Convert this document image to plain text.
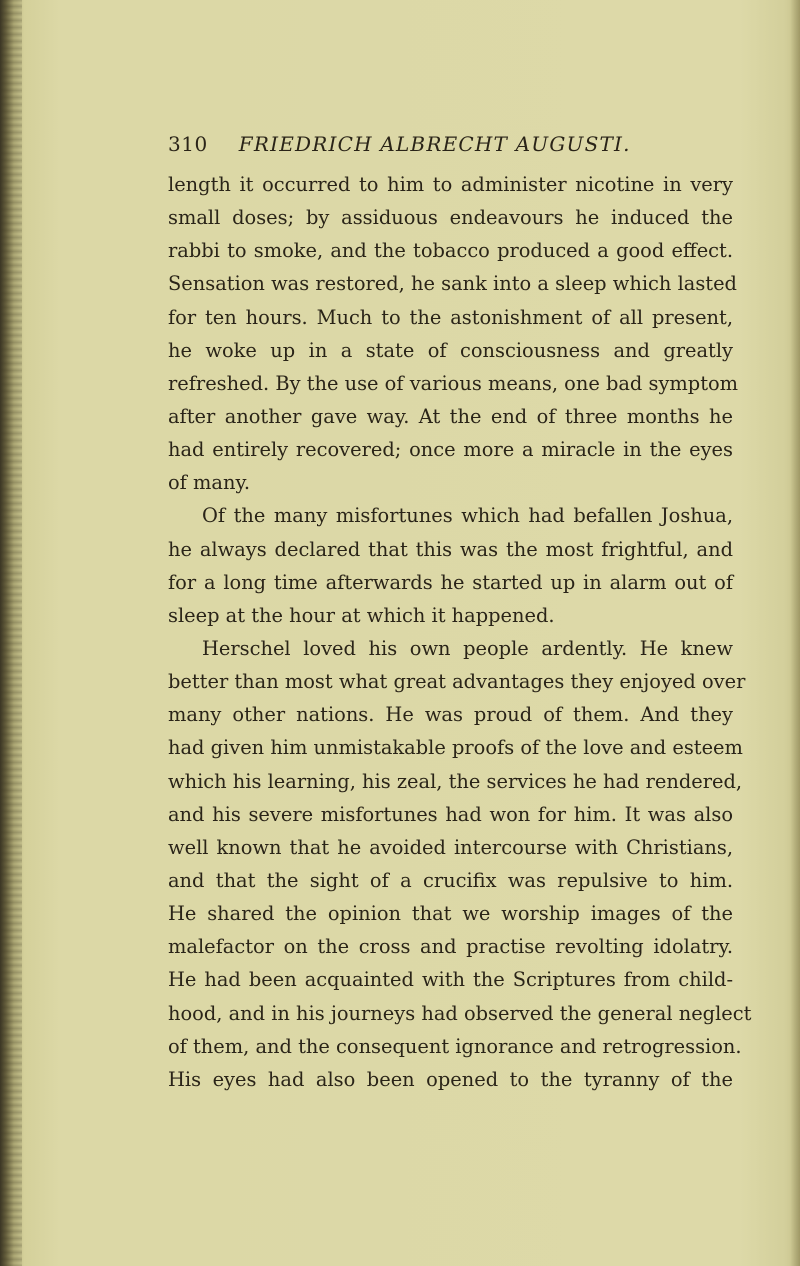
310 FRIEDRICH ALBRECHT AUGUSTI.
length it occurred to him to administer nicotine in very
small doses; by assiduous endeavours he induced the
rabbi to smoke, and the tobacco produced a good effect.
Sensation was restored, he sank into a sleep which lasted
for ten hours. Much to the astonishment of all present,
he woke up in a state of consciousness and greatly
refreshed. By the use of various means, one bad symptom
after another gave way. At the end of three months he
had entirely recovered; once more a miracle in the eyes
of many.
Of the many misfortunes which had befallen Joshua,
he always declared that this was the most frightful, and
for a long time afterwards he started up in alarm out of
sleep at the hour at which it happened.
Herschel loved his own people ardently. He knew
better than most what great advantages they enjoyed over
many other nations. He was proud of them. And they
had given him unmistakable proofs of the love and esteem
which his learning, his zeal, the services he had rendered,
and his severe misfortunes had won for him. It was also
well known that he avoided intercourse with Christians,
and that the sight of a crucifix was repulsive to him.
He shared the opinion that we worship images of the
malefactor on the cross and practise revolting idolatry.
He had been acquainted with the Scriptures from child-
hood, and in his journeys had observed the general neglect
of them, and the consequent ignorance and retrogression.
His eyes had also been opened to the tyranny of the
